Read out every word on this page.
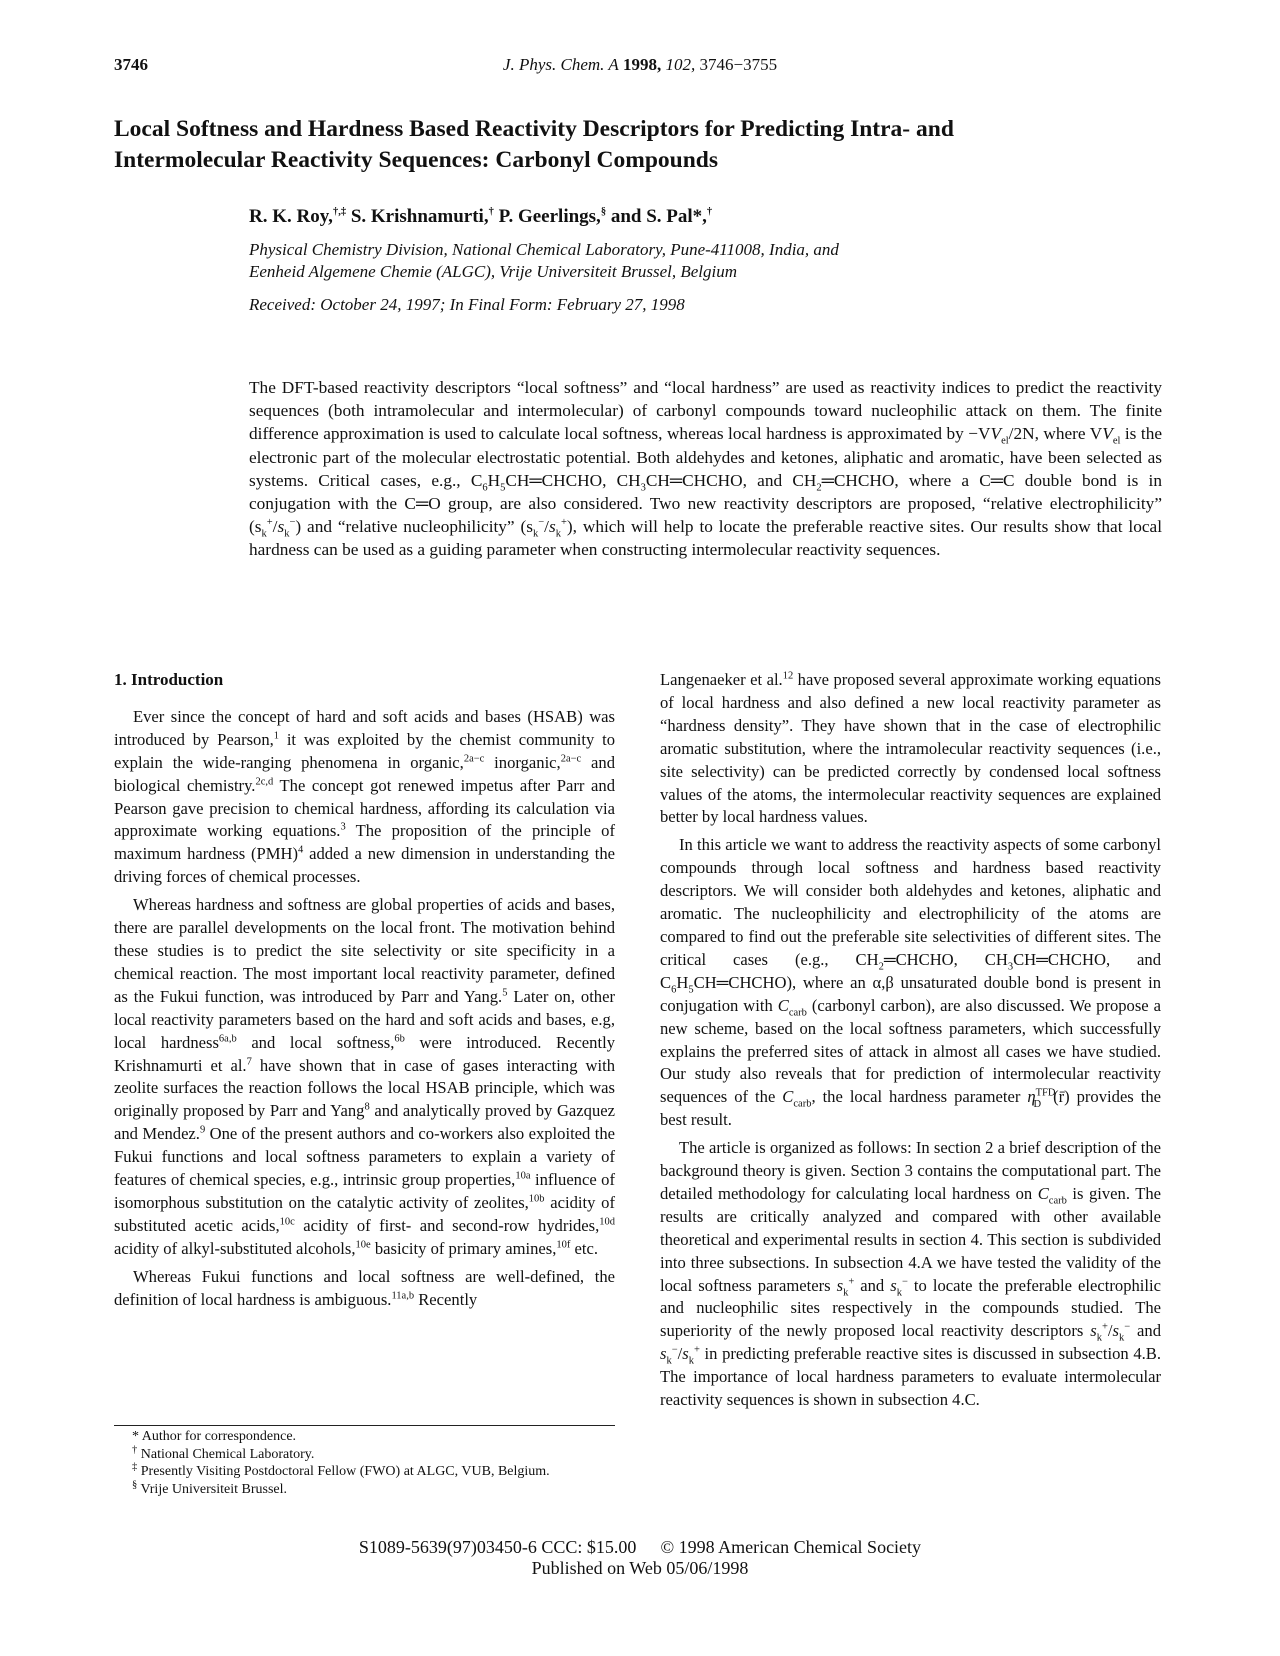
3746	J. Phys. Chem. A 1998, 102, 3746−3755
Local Softness and Hardness Based Reactivity Descriptors for Predicting Intra- and
Intermolecular Reactivity Sequences: Carbonyl Compounds
R. K. Roy,†,‡ S. Krishnamurti,† P. Geerlings,§ and S. Pal*,†
Physical Chemistry Division, National Chemical Laboratory, Pune-411008, India, and
Eenheid Algemene Chemie (ALGC), Vrije Universiteit Brussel, Belgium
Received: October 24, 1997; In Final Form: February 27, 1998
The DFT-based reactivity descriptors “local softness” and “local hardness” are used as reactivity indices to predict the reactivity sequences (both intramolecular and intermolecular) of carbonyl compounds toward nucleophilic attack on them. The finite difference approximation is used to calculate local softness, whereas local hardness is approximated by $-VV_{el}/2N$, where $VV_{el}$ is the electronic part of the molecular electrostatic potential. Both aldehydes and ketones, aliphatic and aromatic, have been selected as systems. Critical cases, e.g., $C_6H_5CH═CHCHO$, $CH_3CH═CHCHO$, and $CH_2═CHCHO$, where a C═C double bond is in conjugation with the C═O group, are also considered. Two new reactivity descriptors are proposed, “relative electrophilicity” $(s_k^+/s_k^-)$ and “relative nucleophilicity” $(s_k^-/s_k^+)$, which will help to locate the preferable reactive sites. Our results show that local hardness can be used as a guiding parameter when constructing intermolecular reactivity sequences.

1. Introduction

Ever since the concept of hard and soft acids and bases (HSAB) was introduced by Pearson,$^1$ it was exploited by the chemist community to explain the wide-ranging phenomena in organic,$^{2a-c}$ inorganic,$^{2a-c}$ and biological chemistry.$^{2c,d}$ The concept got renewed impetus after Parr and Pearson gave precision to chemical hardness, affording its calculation via approximate working equations.$^3$ The proposition of the principle of maximum hardness (PMH)$^4$ added a new dimension in understanding the driving forces of chemical processes.

Whereas hardness and softness are global properties of acids and bases, there are parallel developments on the local front. The motivation behind these studies is to predict the site selectivity or site specificity in a chemical reaction. The most important local reactivity parameter, defined as the Fukui function, was introduced by Parr and Yang.$^5$ Later on, other local reactivity parameters based on the hard and soft acids and bases, e.g, local hardness$^{6a,b}$ and local softness,$^{6b}$ were introduced. Recently Krishnamurti et al.$^7$ have shown that in case of gases interacting with zeolite surfaces the reaction follows the local HSAB principle, which was originally proposed by Parr and Yang$^8$ and analytically proved by Gazquez and Mendez.$^9$ One of the present authors and co-workers also exploited the Fukui functions and local softness parameters to explain a variety of features of chemical species, e.g., intrinsic group properties,$^{10a}$ influence of isomorphous substitution on the catalytic activity of zeolites,$^{10b}$ acidity of substituted acetic acids,$^{10c}$ acidity of first- and second-row hydrides,$^{10d}$ acidity of alkyl-substituted alcohols,$^{10e}$ basicity of primary amines,$^{10f}$ etc.

Whereas Fukui functions and local softness are well-defined, the definition of local hardness is ambiguous.$^{11a,b}$ Recently

* Author for correspondence.
† National Chemical Laboratory.
‡ Presently Visiting Postdoctoral Fellow (FWO) at ALGC, VUB, Belgium.
§ Vrije Universiteit Brussel.

Langenaeker et al.$^{12}$ have proposed several approximate working equations of local hardness and also defined a new local reactivity parameter as “hardness density”. They have shown that in the case of electrophilic aromatic substitution, where the intramolecular reactivity sequences (i.e., site selectivity) can be predicted correctly by condensed local softness values of the atoms, the intermolecular reactivity sequences are explained better by local hardness values.

In this article we want to address the reactivity aspects of some carbonyl compounds through local softness and hardness based reactivity descriptors. We will consider both aldehydes and ketones, aliphatic and aromatic. The nucleophilicity and electrophilicity of the atoms are compared to find out the preferable site selectivities of different sites. The critical cases (e.g., $CH_2═CHCHO$, $CH_3CH═CHCHO$, and $C_6H_5CH═CHCHO$), where an α,β unsaturated double bond is present in conjugation with $C_{carb}$ (carbonyl carbon), are also discussed. We propose a new scheme, based on the local softness parameters, which successfully explains the preferred sites of attack in almost all cases we have studied. Our study also reveals that for prediction of intermolecular reactivity sequences of the $C_{carb}$, the local hardness parameter $\eta^{TFD}_D$ (r̄) provides the best result.

The article is organized as follows: In section 2 a brief description of the background theory is given. Section 3 contains the computational part. The detailed methodology for calculating local hardness on $C_{carb}$ is given. The results are critically analyzed and compared with other available theoretical and experimental results in section 4. This section is subdivided into three subsections. In subsection 4.A we have tested the validity of the local softness parameters $s_k^+$ and $s_k^-$ to locate the preferable electrophilic and nucleophilic sites respectively in the compounds studied. The superiority of the newly proposed local reactivity descriptors $s_k^+/s_k^-$ and $s_k^-/s_k^+$ in predicting preferable reactive sites is discussed in subsection 4.B. The importance of local hardness parameters to evaluate intermolecular reactivity sequences is shown in subsection 4.C.

S1089-5639(97)03450-6 CCC: $15.00 © 1998 American Chemical Society
Published on Web 05/06/1998
